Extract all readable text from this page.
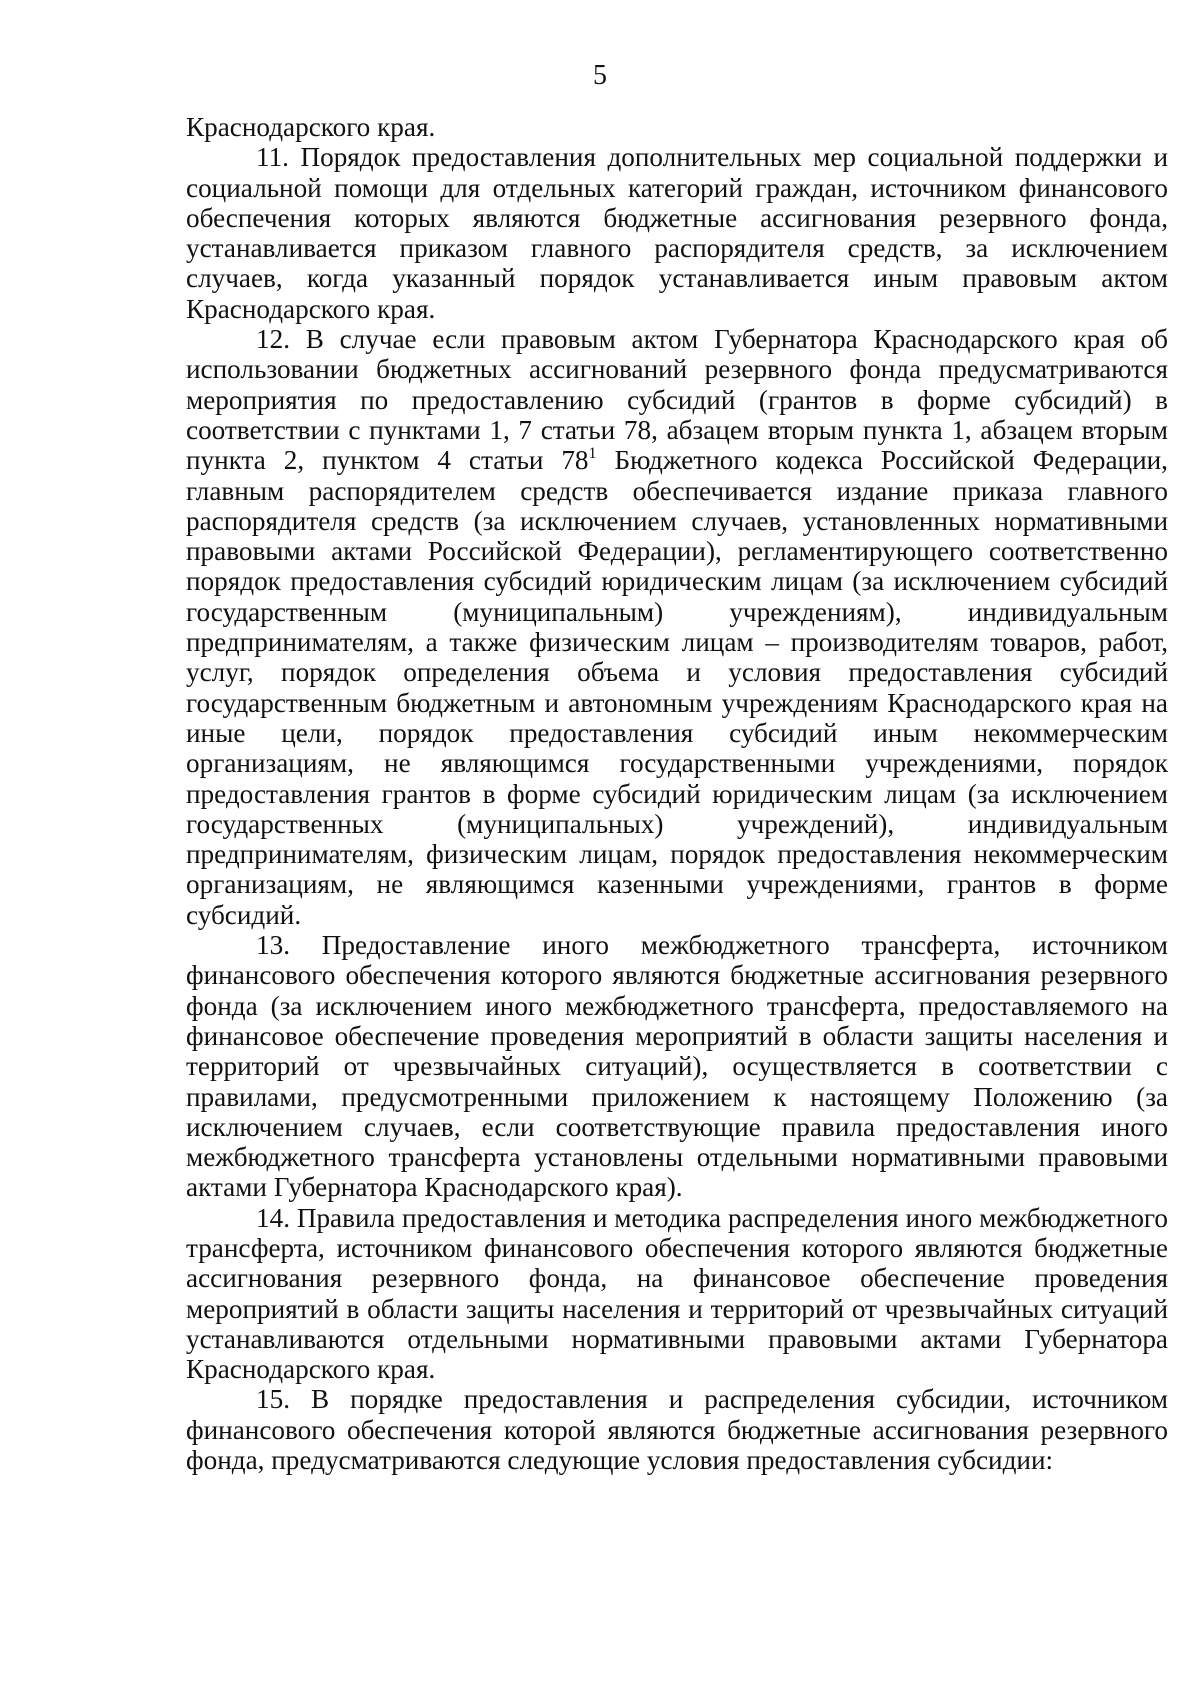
5

Краснодарского края.

11. Порядок предоставления дополнительных мер социальной поддержки и социальной помощи для отдельных категорий граждан, источником финансового обеспечения которых являются бюджетные ассигнования резервного фонда, устанавливается приказом главного распорядителя средств, за исключением случаев, когда указанный порядок устанавливается иным правовым актом Краснодарского края.

12. В случае если правовым актом Губернатора Краснодарского края об использовании бюджетных ассигнований резервного фонда предусматриваются мероприятия по предоставлению субсидий (грантов в форме субсидий) в соответствии с пунктами 1, 7 статьи 78, абзацем вторым пункта 1, абзацем вторым пункта 2, пунктом 4 статьи $78^1$ Бюджетного кодекса Российской Федерации, главным распорядителем средств обеспечивается издание приказа главного распорядителя средств (за исключением случаев, установленных нормативными правовыми актами Российской Федерации), регламентирующего соответственно порядок предоставления субсидий юридическим лицам (за исключением субсидий государственным (муниципальным) учреждениям), индивидуальным предпринимателям, а также физическим лицам – производителям товаров, работ, услуг, порядок определения объема и условия предоставления субсидий государственным бюджетным и автономным учреждениям Краснодарского края на иные цели, порядок предоставления субсидий иным некоммерческим организациям, не являющимся государственными учреждениями, порядок предоставления грантов в форме субсидий юридическим лицам (за исключением государственных (муниципальных) учреждений), индивидуальным предпринимателям, физическим лицам, порядок предоставления некоммерческим организациям, не являющимся казенными учреждениями, грантов в форме субсидий.

13. Предоставление иного межбюджетного трансферта, источником финансового обеспечения которого являются бюджетные ассигнования резервного фонда (за исключением иного межбюджетного трансферта, предоставляемого на финансовое обеспечение проведения мероприятий в области защиты населения и территорий от чрезвычайных ситуаций), осуществляется в соответствии с правилами, предусмотренными приложением к настоящему Положению (за исключением случаев, если соответствующие правила предоставления иного межбюджетного трансферта установлены отдельными нормативными правовыми актами Губернатора Краснодарского края).

14. Правила предоставления и методика распределения иного межбюджетного трансферта, источником финансового обеспечения которого являются бюджетные ассигнования резервного фонда, на финансовое обеспечение проведения мероприятий в области защиты населения и территорий от чрезвычайных ситуаций устанавливаются отдельными нормативными правовыми актами Губернатора Краснодарского края.

15. В порядке предоставления и распределения субсидии, источником финансового обеспечения которой являются бюджетные ассигнования резервного фонда, предусматриваются следующие условия предоставления субсидии:
